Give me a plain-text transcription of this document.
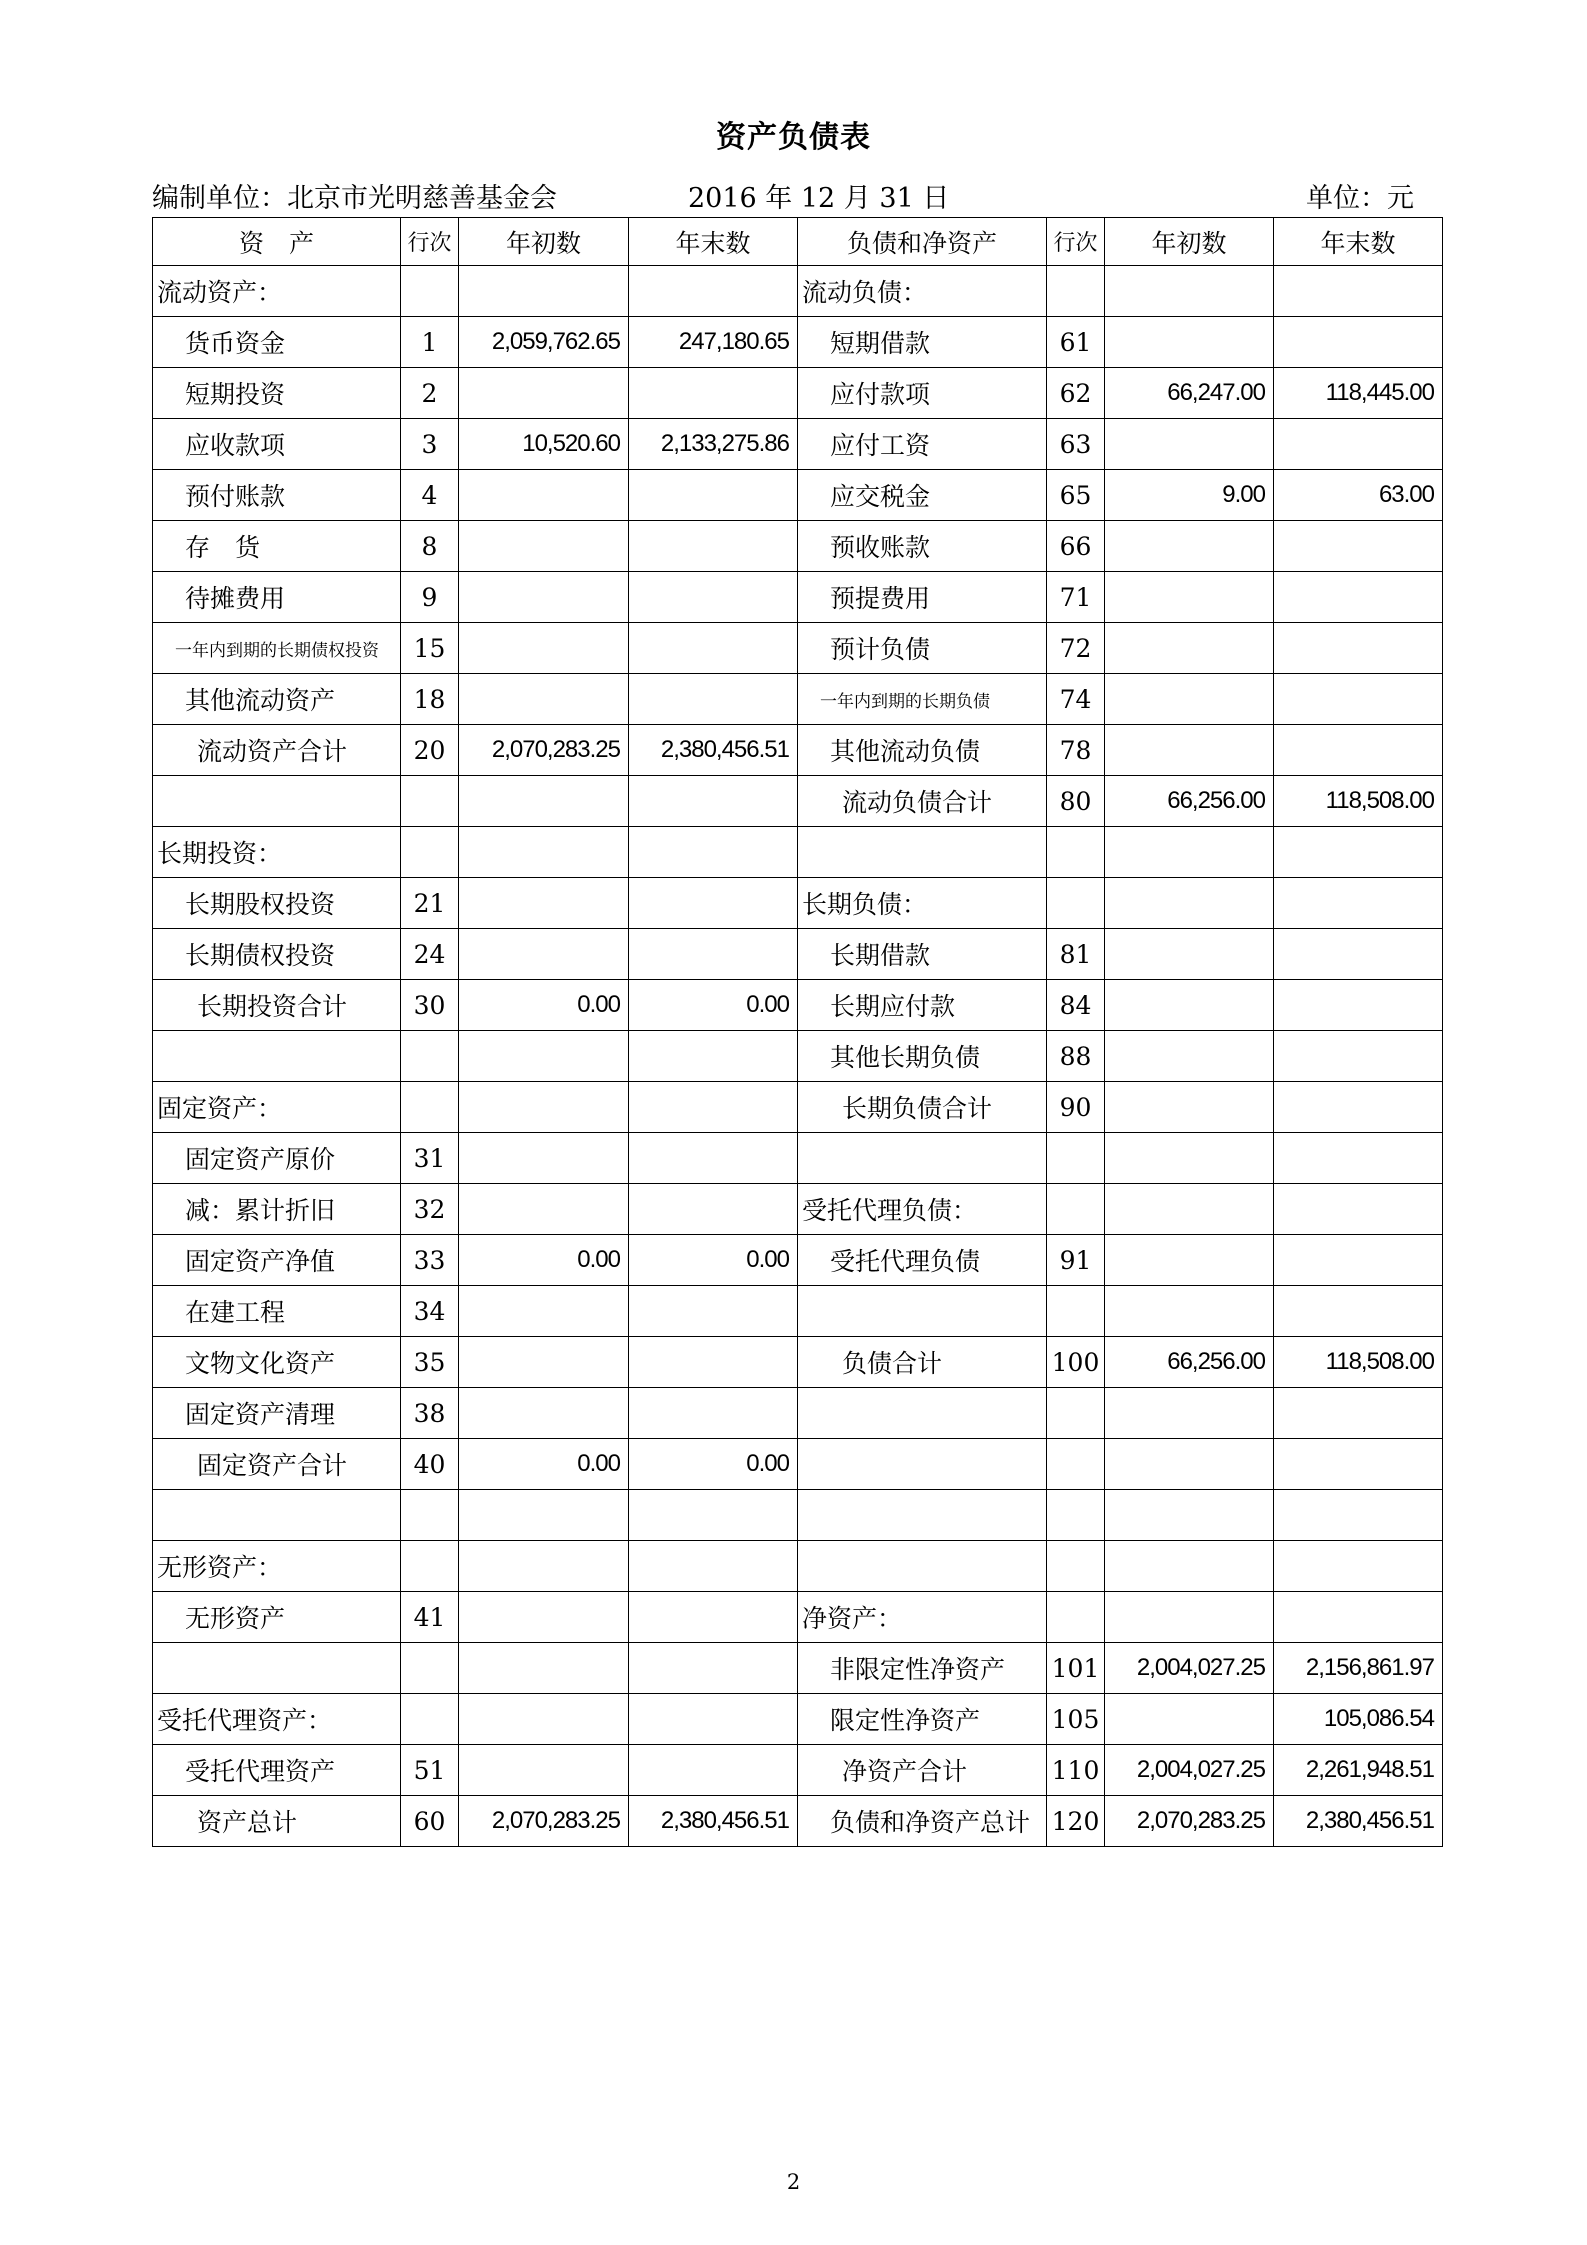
资产负债表
编制单位：北京市光明慈善基金会	2016 年 12 月 31 日	单位：元
资　产	行次	年初数	年末数	负债和净资产	行次	年初数	年末数
流动资产：				流动负债：			
货币资金	1	2,059,762.65	247,180.65	短期借款	61		
短期投资	2			应付款项	62	66,247.00	118,445.00
应收款项	3	10,520.60	2,133,275.86	应付工资	63		
预付账款	4			应交税金	65	9.00	63.00
存　货	8			预收账款	66		
待摊费用	9			预提费用	71		
一年内到期的长期债权投资	15			预计负债	72		
其他流动资产	18			一年内到期的长期负债	74		
流动资产合计	20	2,070,283.25	2,380,456.51	其他流动负债	78		
				流动负债合计	80	66,256.00	118,508.00
长期投资：							
长期股权投资	21			长期负债：			
长期债权投资	24			长期借款	81		
长期投资合计	30	0.00	0.00	长期应付款	84		
				其他长期负债	88		
固定资产：				长期负债合计	90		
固定资产原价	31						
减：累计折旧	32			受托代理负债：			
固定资产净值	33	0.00	0.00	受托代理负债	91		
在建工程	34						
文物文化资产	35			负债合计	100	66,256.00	118,508.00
固定资产清理	38						
固定资产合计	40	0.00	0.00				

无形资产：							
无形资产	41			净资产：			
				非限定性净资产	101	2,004,027.25	2,156,861.97
受托代理资产：				限定性净资产	105		105,086.54
受托代理资产	51			净资产合计	110	2,004,027.25	2,261,948.51
资产总计	60	2,070,283.25	2,380,456.51	负债和净资产总计	120	2,070,283.25	2,380,456.51
2
